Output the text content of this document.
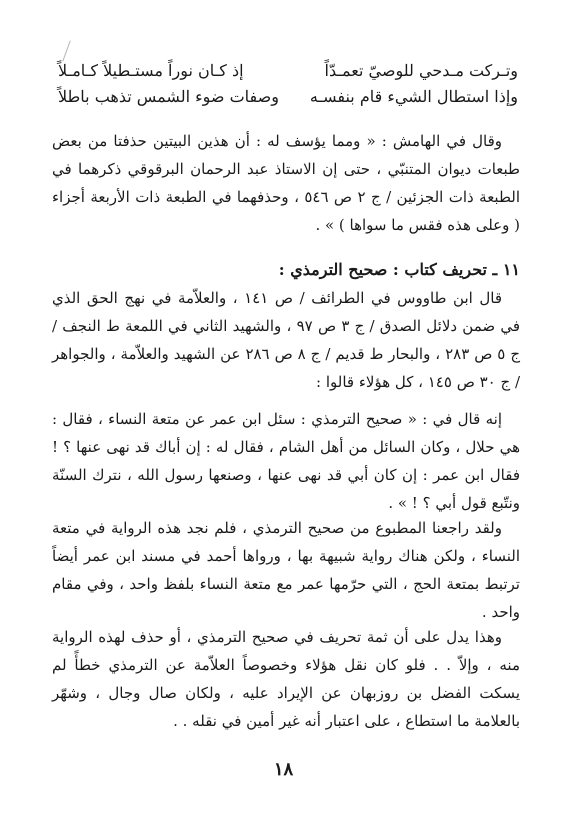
وتـركت مـدحي للوصيّ تعمـدّاً
إذ كـان نوراً مستـطيلاً كـامـلاً
وإذا استطال الشيء قام بنفسـه
وصفات ضوء الشمس تذهب باطلاً

وقال في الهامش : « ومما يؤسف له : أن هذين البيتين حذفتا من بعض طبعات ديوان المتنبّي ، حتى إن الاستاذ عبد الرحمان البرقوقي ذكرهما في الطبعة ذات الجزئين / ج ٢ ص ٥٤٦ ، وحذفهما في الطبعة ذات الأربعة أجزاء ( وعلى هذه فقس ما سواها ) » .

١١ ـ تحريف كتاب : صحيح الترمذي :

قال ابن طاووس في الطرائف / ص ١٤١ ، والعلاّمة في نهج الحق الذي في ضمن دلائل الصدق / ج ٣ ص ٩٧ ، والشهيد الثاني في اللمعة ط النجف / ج ٥ ص ٢٨٣ ، والبحار ط قديم / ج ٨ ص ٢٨٦ عن الشهيد والعلاّمة ، والجواهر / ج ٣٠ ص ١٤٥ ، كل هؤلاء قالوا :

إنه قال في : « صحيح الترمذي : سئل ابن عمر عن متعة النساء ، فقال : هي حلال ، وكان السائل من أهل الشام ، فقال له : إن أباك قد نهى عنها ؟ ! فقال ابن عمر : إن كان أبي قد نهى عنها ، وصنعها رسول الله ، نترك السنّة ونتّبع قول أبي ؟ ! » .

ولقد راجعنا المطبوع من صحيح الترمذي ، فلم نجد هذه الرواية في متعة النساء ، ولكن هناك رواية شبيهة بها ، ورواها أحمد في مسند ابن عمر أيضاً ترتبط بمتعة الحج ، التي حرّمها عمر مع متعة النساء بلفظ واحد ، وفي مقام واحد .

وهذا يدل على أن ثمة تحريف في صحيح الترمذي ، أو حذف لهذه الرواية منه ، وإلاّ . . فلو كان نقل هؤلاء وخصوصاً العلاّمة عن الترمذي خطأً لم يسكت الفضل بن روزبهان عن الإيراد عليه ، ولكان صال وجال ، وشهّر بالعلامة ما استطاع ، على اعتبار أنه غير أمين في نقله . .

١٨
